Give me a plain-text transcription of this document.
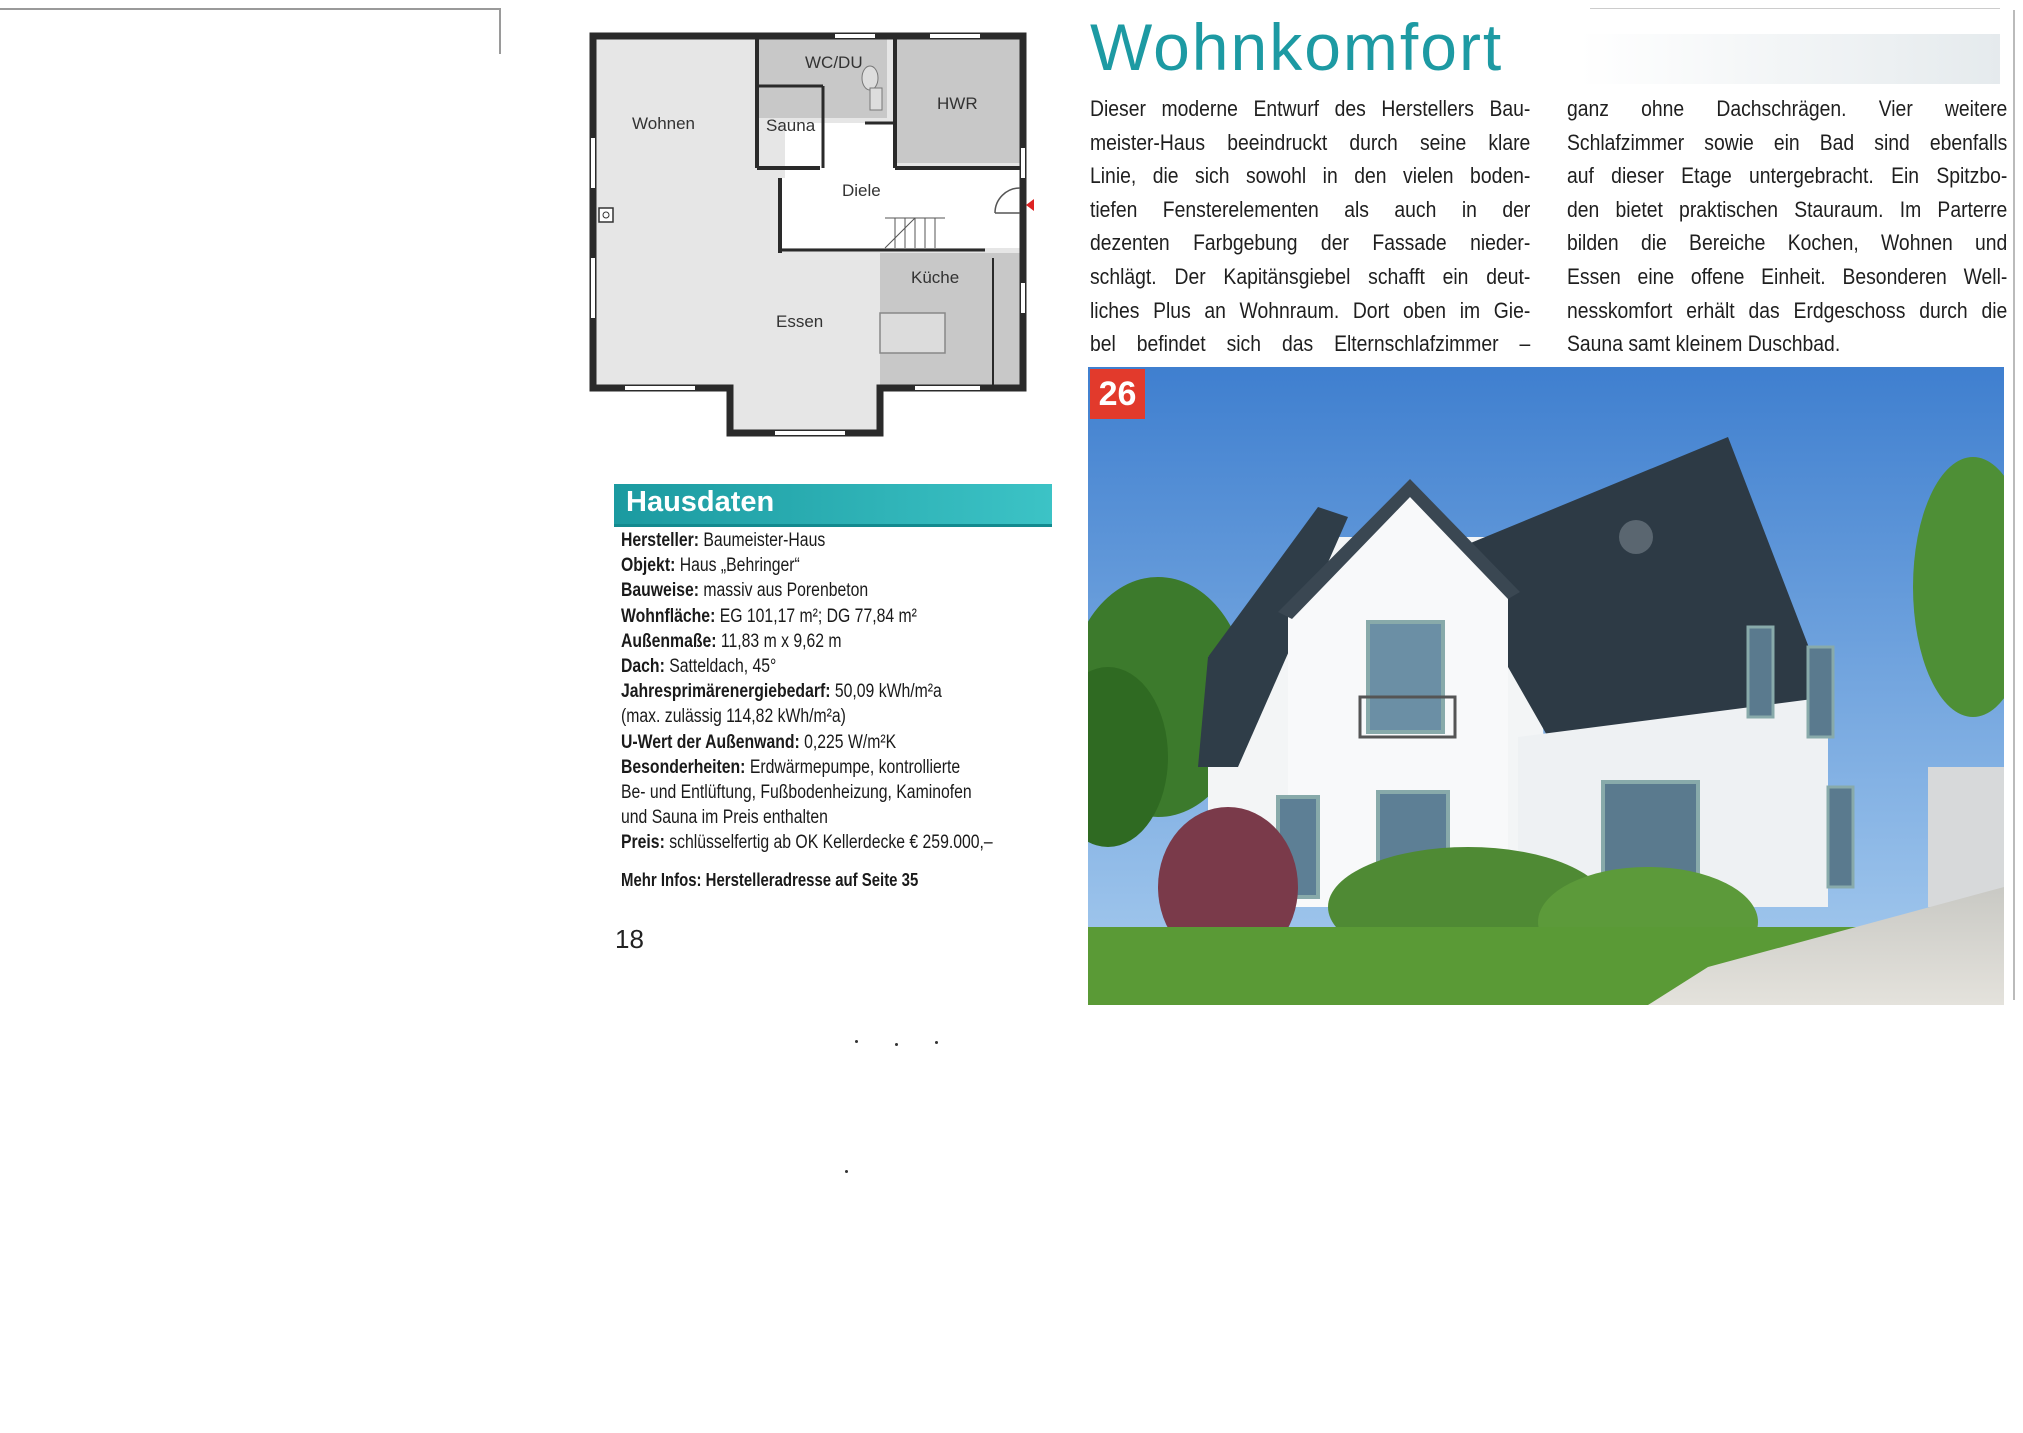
Wohnen
WC/DU
Sauna
HWR
Diele
Küche
Essen
Wohnkomfort
Dieser moderne Entwurf des Herstellers Bau-
meister-Haus beeindruckt durch seine klare
Linie, die sich sowohl in den vielen boden-
tiefen Fensterelementen als auch in der
dezenten Farbgebung der Fassade nieder-
schlägt. Der Kapitänsgiebel schafft ein deut-
liches Plus an Wohnraum. Dort oben im Gie-
bel befindet sich das Elternschlafzimmer –
ganz ohne Dachschrägen. Vier weitere
Schlafzimmer sowie ein Bad sind ebenfalls
auf dieser Etage untergebracht. Ein Spitzbo-
den bietet praktischen Stauraum. Im Parterre
bilden die Bereiche Kochen, Wohnen und
Essen eine offene Einheit. Besonderen Well-
nesskomfort erhält das Erdgeschoss durch die
Sauna samt kleinem Duschbad.
26
Hausdaten
Hersteller: Baumeister-Haus
Objekt: Haus „Behringer“
Bauweise: massiv aus Porenbeton
Wohnfläche: EG 101,17 m²; DG 77,84 m²
Außenmaße: 11,83 m x 9,62 m
Dach: Satteldach, 45°
Jahresprimärenergiebedarf: 50,09 kWh/m²a
(max. zulässig 114,82 kWh/m²a)
U-Wert der Außenwand: 0,225 W/m²K
Besonderheiten: Erdwärmepumpe, kontrollierte
Be- und Entlüftung, Fußbodenheizung, Kaminofen
und Sauna im Preis enthalten
Preis: schlüsselfertig ab OK Kellerdecke € 259.000,–
Mehr Infos: Herstelleradresse auf Seite 35
18
